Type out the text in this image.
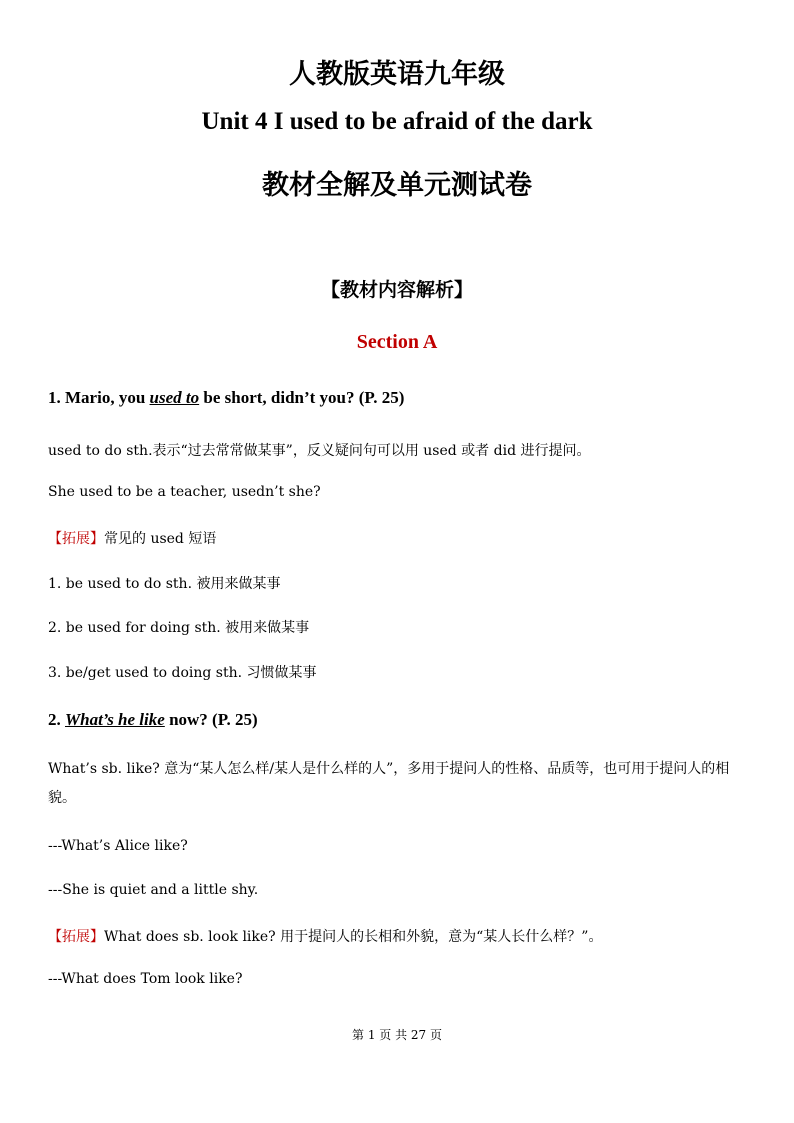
人教版英语九年级
Unit 4 I used to be afraid of the dark
教材全解及单元测试卷
【教材内容解析】
Section A
1. Mario, you used to be short, didn’t you? (P. 25)
used to do sth.表示“过去常常做某事”，反义疑问句可以用 used 或者 did 进行提问。
She used to be a teacher, usedn’t she?
【拓展】常见的 used 短语
1. be used to do sth. 被用来做某事
2. be used for doing sth. 被用来做某事
3. be/get used to doing sth. 习惯做某事
2. What’s he like now? (P. 25)
What’s sb. like? 意为“某人怎么样/某人是什么样的人”，多用于提问人的性格、品质等，也可用于提问人的相貌。
---What’s Alice like?
---She is quiet and a little shy.
【拓展】What does sb. look like? 用于提问人的长相和外貌，意为“某人长什么样？”。
---What does Tom look like?
第 1 页 共 27 页
